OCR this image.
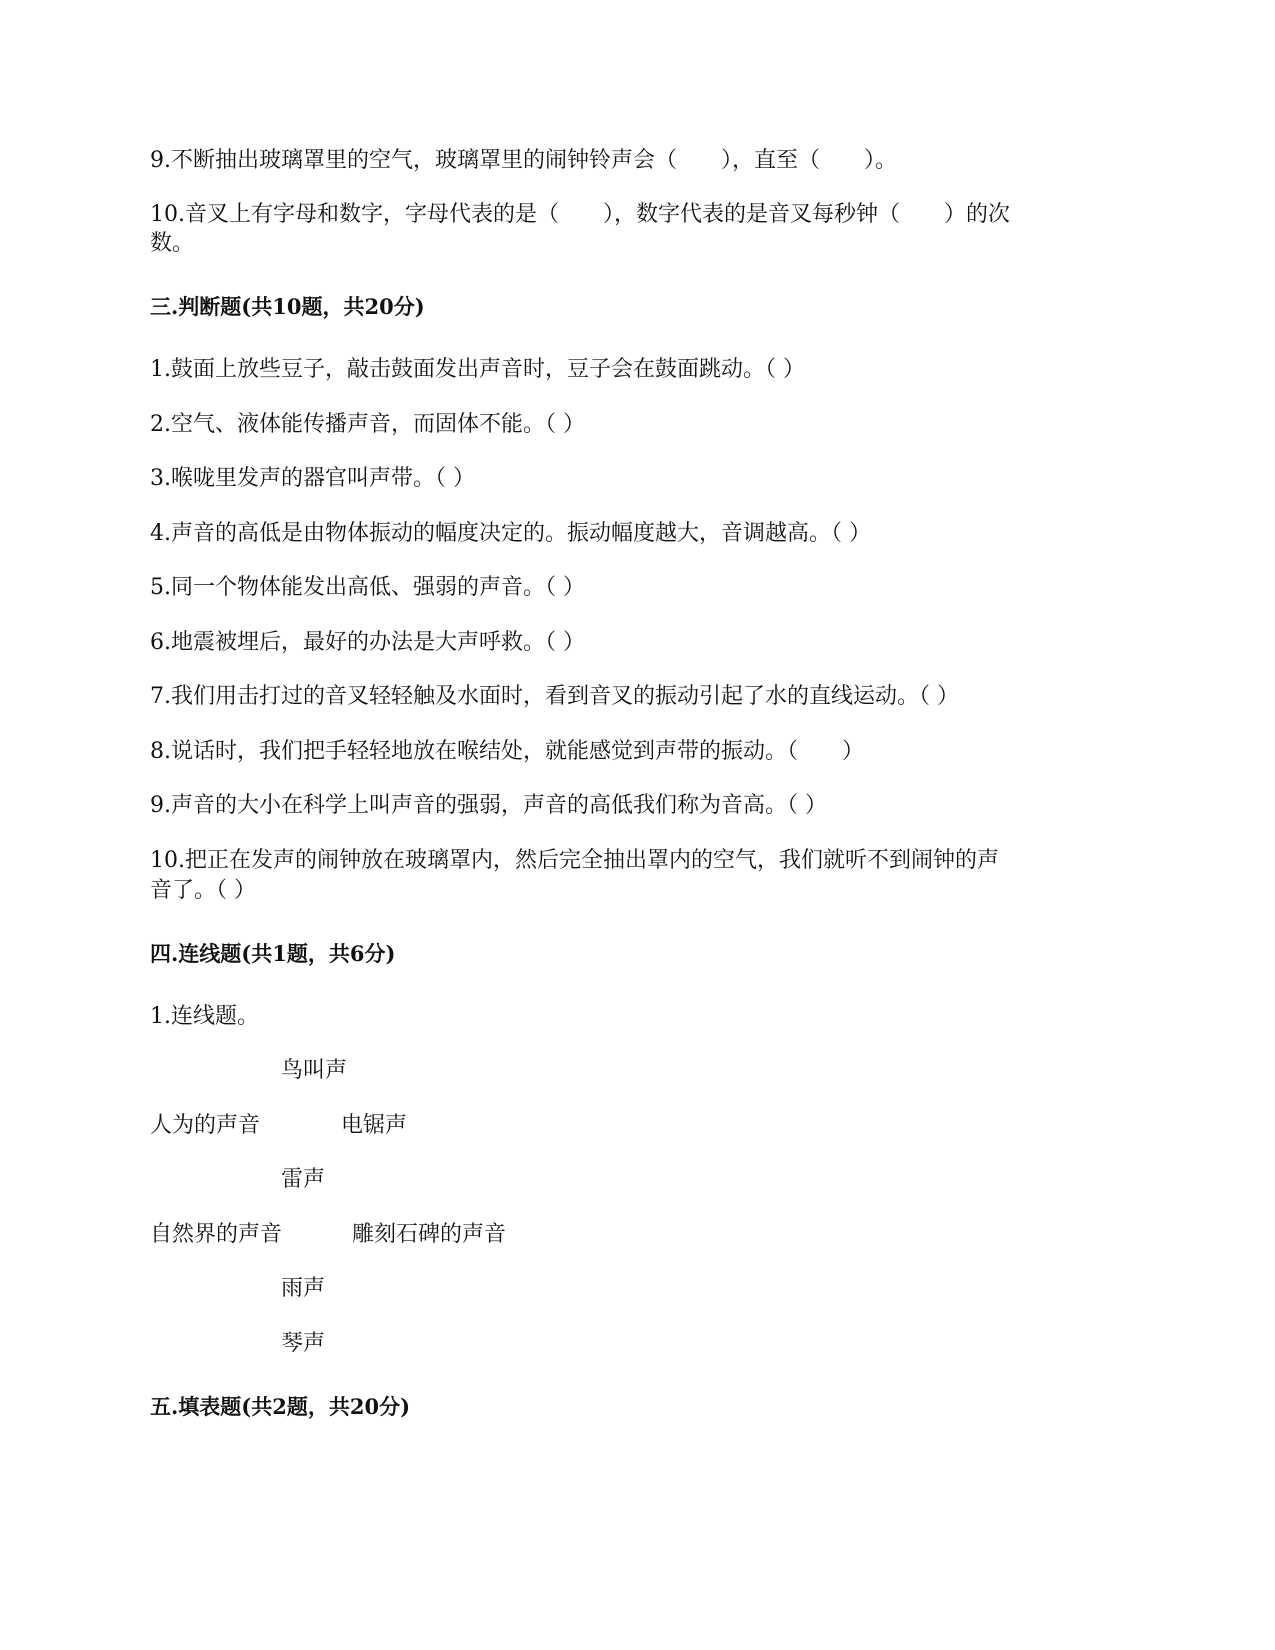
9.不断抽出玻璃罩里的空气，玻璃罩里的闹钟铃声会（　　），直至（　　）。
10.音叉上有字母和数字，字母代表的是（　　），数字代表的是音叉每秒钟（　　）的次
数。
三.判断题(共10题，共20分)
1.鼓面上放些豆子，敲击鼓面发出声音时，豆子会在鼓面跳动。（ ）
2.空气、液体能传播声音，而固体不能。（ ）
3.喉咙里发声的器官叫声带。（ ）
4.声音的高低是由物体振动的幅度决定的。振动幅度越大，音调越高。（ ）
5.同一个物体能发出高低、强弱的声音。（ ）
6.地震被埋后，最好的办法是大声呼救。（ ）
7.我们用击打过的音叉轻轻触及水面时，看到音叉的振动引起了水的直线运动。（ ）
8.说话时，我们把手轻轻地放在喉结处，就能感觉到声带的振动。（　　）
9.声音的大小在科学上叫声音的强弱，声音的高低我们称为音高。（ ）
10.把正在发声的闹钟放在玻璃罩内，然后完全抽出罩内的空气，我们就听不到闹钟的声
音了。（ ）
四.连线题(共1题，共6分)
1.连线题。
鸟叫声
人为的声音	电锯声
雷声
自然界的声音	雕刻石碑的声音
雨声
琴声
五.填表题(共2题，共20分)
